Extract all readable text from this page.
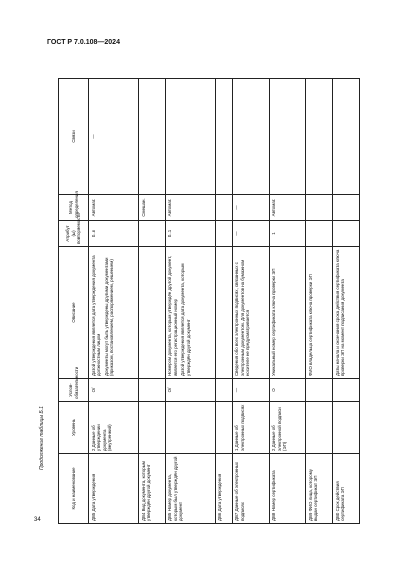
ГОСТ Р 7.0.108—2024
Продолжение таблицы Б.1
34
Код и наименование	Уровень	Услов- обязательности	Описание	Атрибут (ы) повторяемости	Метод определения	Связи
ДВ5 Дата утверждения	2 Данные об утверждении документа (внутренний)	О/	Датой утверждения является дата утверждения документа должностным лицом Документы могут быть утверждены другими документами (приказом, постановлением, распоряжением, решением)	0..n	Автомат.	—
ДВ4 Вид документа, которым утверждён другой документ					Смешан.	
ДВ5 Номер документа, которым был утверждён другой документ		О/	Номером документа, которым утверждён другой документ, является его регистрационный номер Датой утверждения является дата документа, которым утверждён другой документ	0..1	Автомат.	
ДВ6 Дата утверждения						
ДВ7 Данные об электронных подписях	1 Данные об электронных подписях	—	Сведения обо всех электронных подписях, связанных с электронным документом. Для документов на бумажном носителе не предусматривается	—	—	
ДВ8 Номер сертификата	2 Данные об электронной подписи (ЭП)	О	Уникальный номер сертификата ключа проверки ЭП	1	Автомат.	
ДВ9 ФИО лица, которому выдан сертификат ЭП			ФИО владельца сертификата ключа проверки ЭП			

ДВ0 Срок действия сертификата ЭП			Даты начала и окончания срока действия сертификата ключа проверки ЭП на момент подписания документа			
